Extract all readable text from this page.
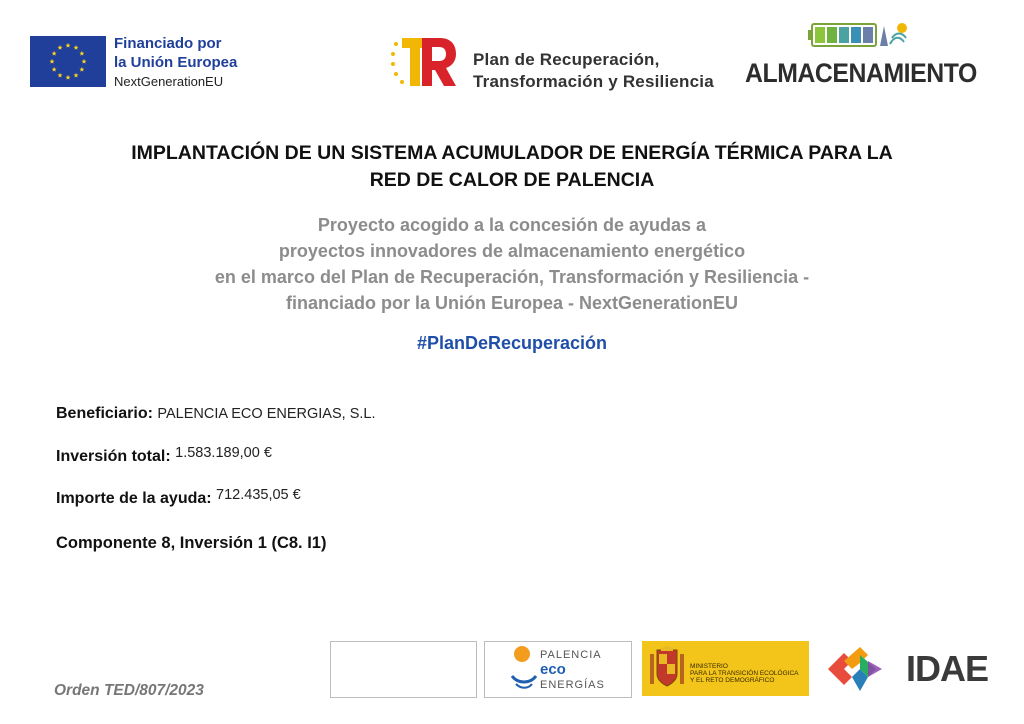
Financiado por
la Unión Europea
NextGenerationEU
Plan de Recuperación,
Transformación y Resiliencia ALMACENAMIENTO
IMPLANTACIÓN DE UN SISTEMA ACUMULADOR DE ENERGÍA TÉRMICA PARA LA
RED DE CALOR DE PALENCIA
Proyecto acogido a la concesión de ayudas a
proyectos innovadores de almacenamiento energético
en el marco del Plan de Recuperación, Transformación y Resiliencia -
financiado por la Unión Europea - NextGenerationEU
#PlanDeRecuperación
Beneficiario: PALENCIA ECO ENERGIAS, S.L.
Inversión total: 1.583.189,00 €
Importe de la ayuda: 712.435,05 €
Componente 8, Inversión 1 (C8. I1)
Orden TED/807/2023
PALENCIA
eco
ENERGÍAS
MINISTERIO
PARA LA TRANSICIÓN ECOLÓGICA
Y EL RETO DEMOGRÁFICO	IDAE
